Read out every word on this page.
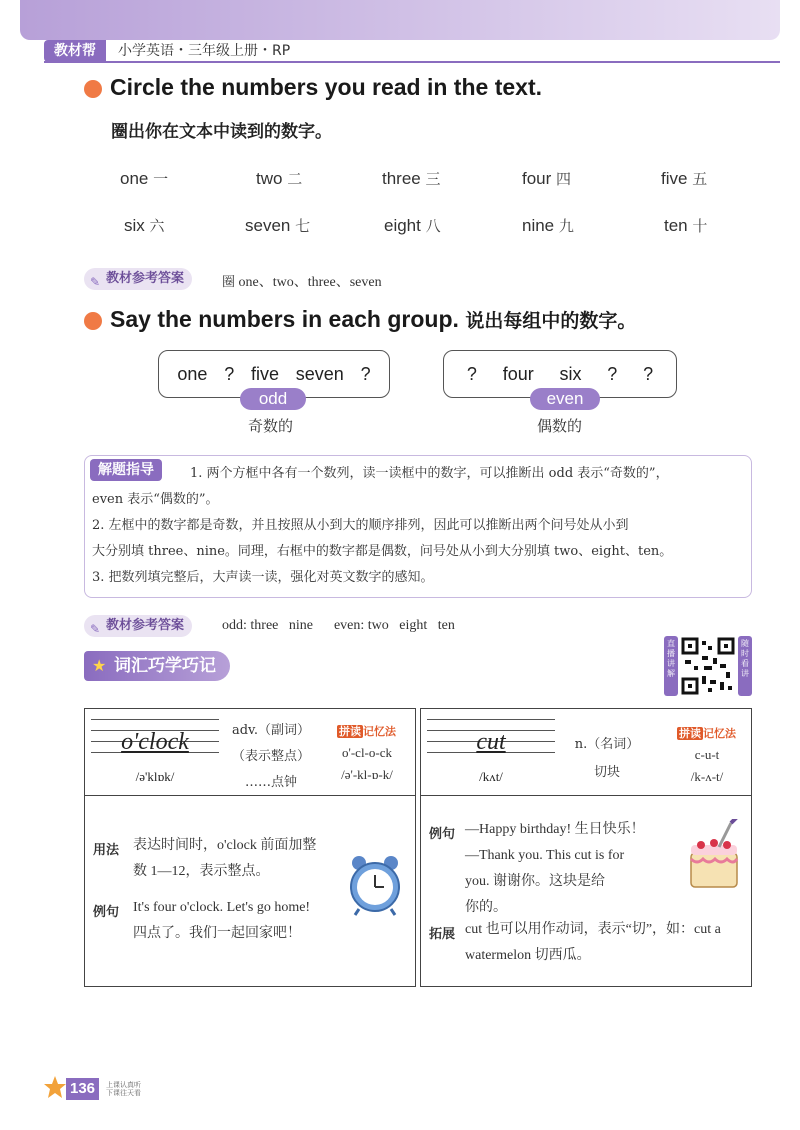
教材帮	小学英语・三年级上册・RP
Circle the numbers you read in the text.
圈出你在文本中读到的数字。
one 一	two 二	three 三	four 四	five 五
six 六	seven 七	eight 八	nine 九	ten 十
✎ 教材参考答案	圈 one、two、three、seven
Say the numbers in each group. 说出每组中的数字。
one ? five seven ?
odd
奇数的
? four six ? ?
even
偶数的
解题指导	1. 两个方框中各有一个数列，读一读框中的数字，可以推断出 odd 表示“奇数的”，
even 表示“偶数的”。
2. 左框中的数字都是奇数，并且按照从小到大的顺序排列，因此可以推断出两个问号处从小到
大分别填 three、nine。同理，右框中的数字都是偶数，问号处从小到大分别填 two、eight、ten。
3. 把数列填完整后，大声读一读，强化对英文数字的感知。
✎ 教材参考答案	odd: three   nine      even: two   eight   ten
★ 词汇巧学巧记
直播讲解
随时看讲
o'clock
/ə'klɒk/
adv.（副词）
（表示整点）
……点钟
拼读 记忆法
o'-cl-o-ck
/ə'-kl-ɒ-k/
用法 表达时间时，o'clock 前面加整
数 1—12，表示整点。
例句 It's four o'clock. Let's go home!
四点了。我们一起回家吧！
cut
/kʌt/
n.（名词）
切块
拼读 记忆法
c-u-t
/k-ʌ-t/
例句 —Happy birthday! 生日快乐！
—Thank you. This cut is for
you. 谢谢你。这块是给
你的。
拓展 cut 也可以用作动词，表示“切”，如：cut a
watermelon 切西瓜。
136	上课认真听
下课往天看
